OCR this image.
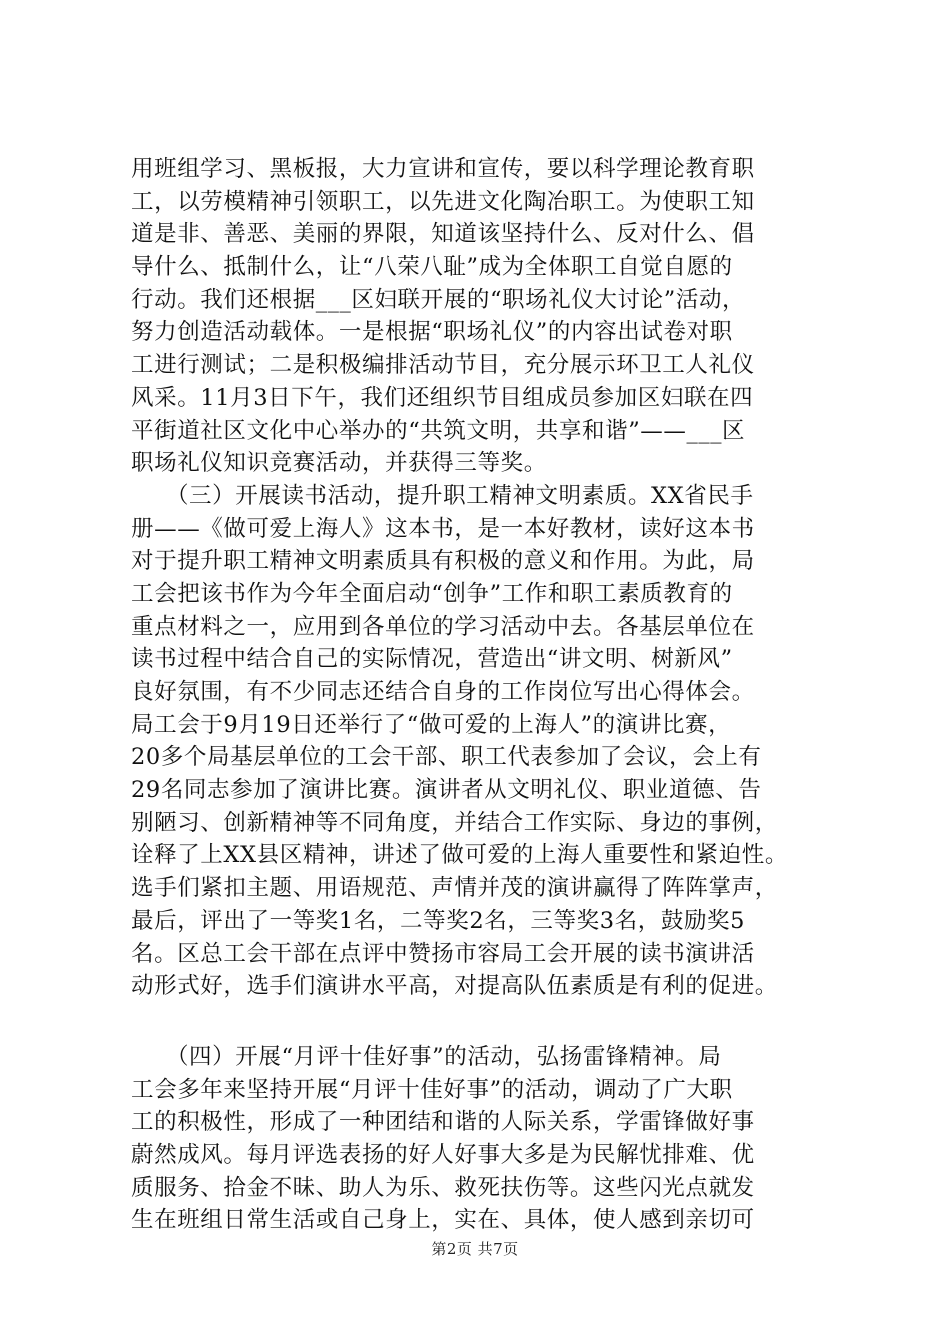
用班组学习、黑板报，大力宣讲和宣传，要以科学理论教育职
工，以劳模精神引领职工，以先进文化陶冶职工。为使职工知
道是非、善恶、美丽的界限，知道该坚持什么、反对什么、倡
导什么、抵制什么，让“八荣八耻”成为全体职工自觉自愿的
行动。我们还根据___区妇联开展的“职场礼仪大讨论”活动，
努力创造活动载体。一是根据“职场礼仪”的内容出试卷对职
工进行测试；二是积极编排活动节目，充分展示环卫工人礼仪
风采。11月3日下午，我们还组织节目组成员参加区妇联在四
平街道社区文化中心举办的“共筑文明，共享和谐”——___区
职场礼仪知识竞赛活动，并获得三等奖。
　　（三）开展读书活动，提升职工精神文明素质。XX省民手
册——《做可爱上海人》这本书，是一本好教材，读好这本书
对于提升职工精神文明素质具有积极的意义和作用。为此，局
工会把该书作为今年全面启动“创争”工作和职工素质教育的
重点材料之一，应用到各单位的学习活动中去。各基层单位在
读书过程中结合自己的实际情况，营造出“讲文明、树新风”
良好氛围，有不少同志还结合自身的工作岗位写出心得体会。
局工会于9月19日还举行了“做可爱的上海人”的演讲比赛，
20多个局基层单位的工会干部、职工代表参加了会议，会上有
29名同志参加了演讲比赛。演讲者从文明礼仪、职业道德、告
别陋习、创新精神等不同角度，并结合工作实际、身边的事例，
诠释了上XX县区精神，讲述了做可爱的上海人重要性和紧迫性。
选手们紧扣主题、用语规范、声情并茂的演讲赢得了阵阵掌声，
最后，评出了一等奖1名，二等奖2名，三等奖3名，鼓励奖5
名。区总工会干部在点评中赞扬市容局工会开展的读书演讲活
动形式好，选手们演讲水平高，对提高队伍素质是有利的促进。
　　（四）开展“月评十佳好事”的活动，弘扬雷锋精神。局
工会多年来坚持开展“月评十佳好事”的活动，调动了广大职
工的积极性，形成了一种团结和谐的人际关系，学雷锋做好事
蔚然成风。每月评选表扬的好人好事大多是为民解忧排难、优
质服务、拾金不昧、助人为乐、救死扶伤等。这些闪光点就发
生在班组日常生活或自己身上，实在、具体，使人感到亲切可
第2页 共7页
